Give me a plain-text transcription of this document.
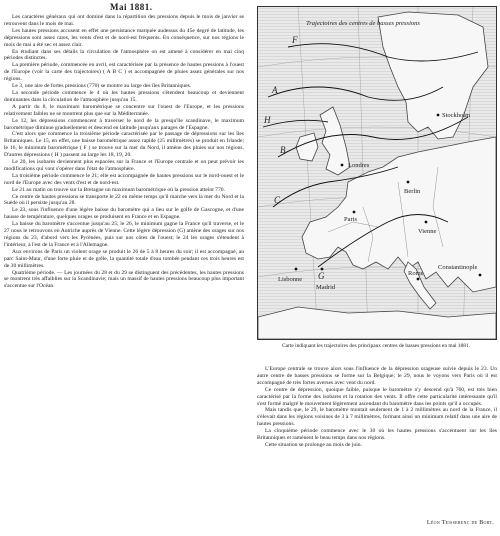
Mai 1881.

Les caractères généraux qui ont dominé dans la répartition des pressions depuis le mois de janvier se retrouvent dans le mois de mai.

Les hautes pressions accusent en effet une persistance marquée audessus du 45e degré de latitude, les dépressions sont assez rares, les vents d'est et de nord-est fréquents. En conséquence, sur nos régions le mois de mai a été sec et assez clair.

En étudiant dans ses détails la circulation de l'atmosphère on est amené à considérer en mai cinq périodes distinctes.

La première période, commencée en avril, est caractérisée par la présence de hautes pressions à l'ouest de l'Europe (voir la carte des trajectoires) ( A B C ) et accompagnée de pluies assez générales sur nos régions.

Le 3, une aire de fortes pressions (770) se montre au large des îles Britanniques.

La seconde période commence le 4 où les hautes pressions s'étendent beaucoup et deviennent dominantes dans la circulation de l'atmosphère jusqu'au 15.

A partir du 8, le maximum barométrique se concentre sur l'ouest de l'Europe, et les pressions relativement faibles ne se montrent plus que sur la Méditerranée.

Le 12, les dépressions commencent à traverser le nord de la presqu'île scandinave, le maximum barométrique diminue graduellement et descend en latitude jusqu'aux parages de l'Espagne.

C'est alors que commence la troisième période caractérisée par le passage de dépressions sur les îles Britanniques. Le 15, en effet, une baisse barométrique assez rapide (25 millimètres) se produit en Irlande; le 16, le minimum barométrique ( F ) se trouve sur la mer du Nord, il amène des pluies sur nos régions. D'autres dépressions ( H ) passent au large les 18, 19, 20.

Le 20, les isobares deviennent plus espacées sur la France et l'Europe centrale et on peut prévoir les modifications qui vont s'opérer dans l'état de l'atmosphère.

La troisième période commence le 21; elle est accompagnée de hautes pressions sur le nord-ouest et le nord de l'Europe avec des vents d'est et de nord-est.

Le 21 au matin on trouve sur la Bretagne un maximum barométrique où la pression atteint 770.

Ce centre de hautes pressions se transporte le 22 en même temps qu'il marche vers la mer du Nord et la Suède où il persiste jusqu'au 28.

Le 23, sous l'influence d'une légère baisse du baromètre qui a lieu sur le golfe de Gascogne, et d'une hausse de température, quelques orages se produisent en France et en Espagne.

La baisse du baromètre s'accentue jusqu'au 25; le 26, le minimum gagne la France qu'il traverse, et le 27 nous le retrouvons en Autriche auprès de Vienne. Cette légère dépression (G) amène des orages sur nos régions du 23, d'abord vers les Pyrénées, puis sur nos côtes de l'ouest; le 24 les orages s'étendent à l'intérieur, à l'est de la France et à l'Allemagne.

Aux environs de Paris un violent orage se produit le 26 de 5 à 8 heures du soir; il est accompagné, au parc Saint-Maur, d'une forte pluie et de grêle, la quantité totale d'eau tombée pendant ces trois heures est de 30 millimètres.

Quatrième période. — Les journées du 28 et du 29 se distinguent des précédentes, les hautes pressions se montrent très affaiblies sur la Scandinavie; mais un massif de hautes pressions beaucoup plus important s'accentue sur l'Océan.

A
B
C
F
G
H
Trajectoires des centres de basses pressions
Berlin
Paris
Vienne
Rome
Constantinople
Lisbonne
Madrid
Londres
Stockholm
Carte indiquant les trajectoires des principaux centres de basses pressions en mai 1881.

L'Europe centrale se trouve alors sous l'influence de la dépression orageuse suivie depuis le 23. Un autre centre de basses pressions se forme sur la Belgique; le 29, nous le voyons vers Paris où il est accompagné de très fortes averses avec vent du nord.

Ce centre de dépression, quoique faible, puisque le baromètre n'y descend qu'à 760, est très bien caractérisé par la forme des isobares et la rotation des vents. Il offre cette particularité intéressante qu'il s'est formé malgré le mouvement légèrement ascendant du baromètre dans les points qu'il a occupés.

Mais tandis que, le 29, le baromètre montait seulement de 1 à 2 millimètres au nord de la France, il s'élevait dans les régions voisines de 3 à 7 millimètres, formant ainsi un minimum relatif dans une aire de hautes pressions.

La cinquième période commence avec le 30 où les hautes pressions s'accentuent sur les îles Britanniques et ramènent le beau temps dans nos régions.

Cette situation se prolonge au mois de juin.

Léon Teisserenc de Bort.
